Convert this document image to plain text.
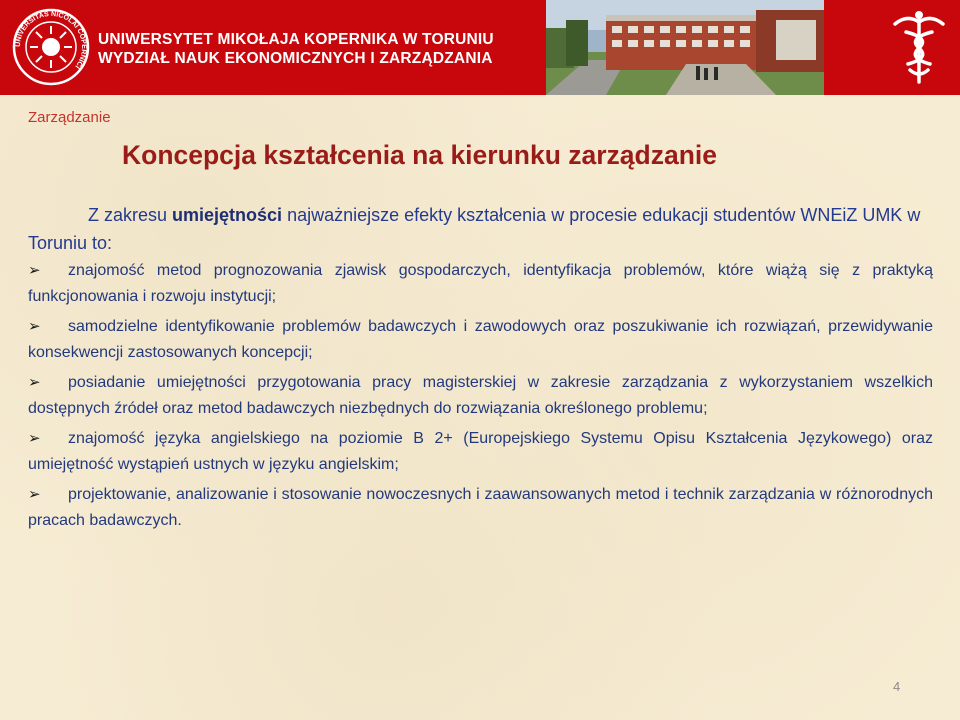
UNIVERSITAS NICOLAI COPERNICI
UNIWERSYTET MIKOŁAJA KOPERNIKA W TORUNIU
WYDZIAŁ NAUK EKONOMICZNYCH I ZARZĄDZANIA
Zarządzanie
Koncepcja kształcenia na kierunku zarządzanie
Z zakresu umiejętności najważniejsze efekty kształcenia w procesie edukacji studentów WNEiZ UMK w Toruniu to:
➢ znajomość metod prognozowania zjawisk gospodarczych, identyfikacja problemów, które wiążą się z praktyką funkcjonowania i rozwoju instytucji;
➢ samodzielne identyfikowanie problemów badawczych i zawodowych oraz poszukiwanie ich rozwiązań, przewidywanie konsekwencji zastosowanych koncepcji;
➢ posiadanie umiejętności przygotowania pracy magisterskiej w zakresie zarządzania z wykorzystaniem wszelkich dostępnych źródeł oraz metod badawczych niezbędnych do rozwiązania określonego problemu;
➢ znajomość języka angielskiego na poziomie B 2+ (Europejskiego Systemu Opisu Kształcenia Językowego) oraz umiejętność wystąpień ustnych w języku angielskim;
➢ projektowanie, analizowanie i stosowanie nowoczesnych i zaawansowanych metod i technik zarządzania w różnorodnych pracach badawczych.
4
